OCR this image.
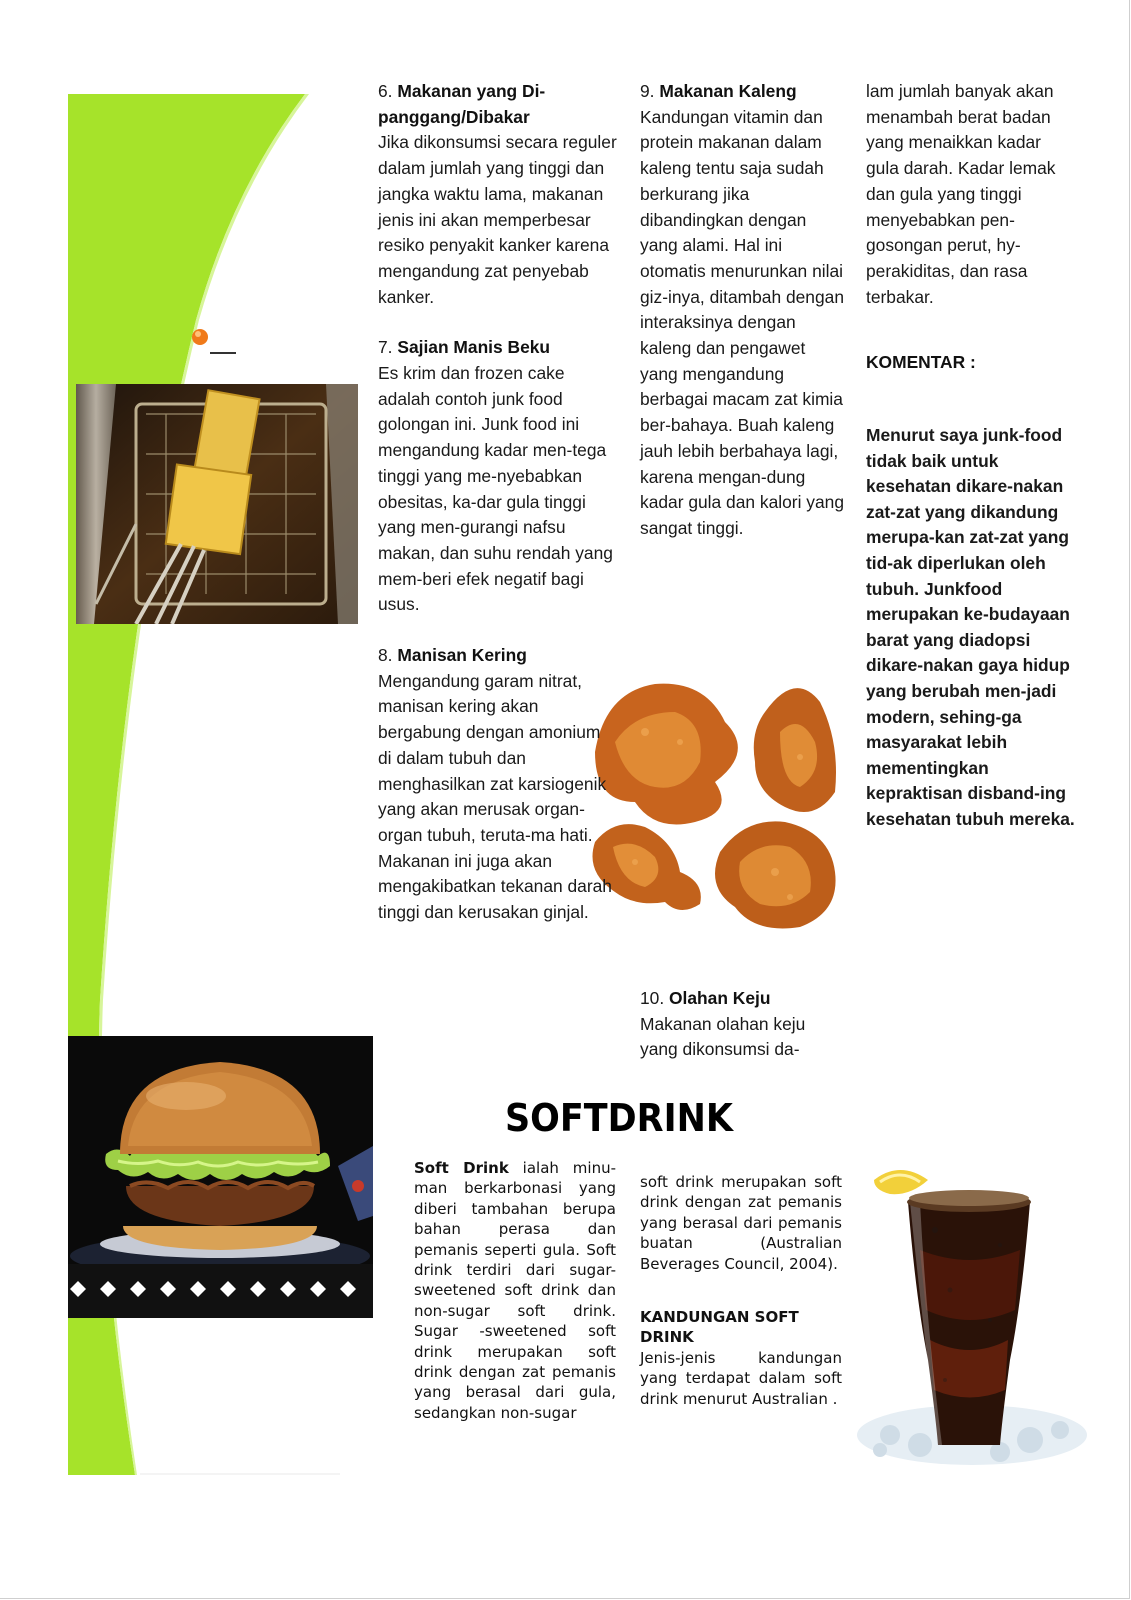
6. Makanan yang Di-panggang/Dibakar

Jika dikonsumsi secara reguler dalam jumlah yang tinggi dan jangka waktu lama, makanan jenis ini akan memperbesar resiko penyakit kanker karena mengandung zat penyebab kanker.

7. Sajian Manis Beku

Es krim dan frozen cake adalah contoh junk food golongan ini. Junk food ini mengandung kadar men-tega tinggi yang me-nyebabkan obesitas, ka-dar gula tinggi yang men-gurangi nafsu makan, dan suhu rendah yang mem-beri efek negatif bagi usus.

8. Manisan Kering

Mengandung garam nitrat, manisan kering akan bergabung dengan amonium di dalam tubuh dan menghasilkan zat karsiogenik yang akan merusak organ-organ tubuh, teruta-ma hati. Makanan ini juga akan mengakibatkan tekanan darah tinggi dan kerusakan ginjal.

9. Makanan Kaleng

Kandungan vitamin dan protein makanan dalam kaleng tentu saja sudah berkurang jika dibandingkan dengan yang alami. Hal ini otomatis menurunkan nilai giz-inya, ditambah dengan interaksinya dengan kaleng dan pengawet yang mengandung berbagai macam zat kimia ber-bahaya. Buah kaleng jauh lebih berbahaya lagi, karena mengan-dung kadar gula dan kalori yang sangat tinggi.

10. Olahan Keju

Makanan olahan keju yang dikonsumsi da-

lam jumlah banyak akan menambah berat badan yang menaikkan kadar gula darah. Kadar lemak dan gula yang tinggi menyebabkan pen-gosongan perut, hy-perakiditas, dan rasa terbakar.

KOMENTAR :

Menurut saya junk-food tidak baik untuk kesehatan dikare-nakan zat-zat yang dikandung merupa-kan zat-zat yang tid-ak diperlukan oleh tubuh. Junkfood merupakan ke-budayaan barat yang diadopsi dikare-nakan gaya hidup yang berubah men-jadi modern, sehing-ga masyarakat lebih mementingkan kepraktisan disband-ing kesehatan tubuh mereka.
SOFTDRINK

Soft Drink ialah minu-man berkarbonasi yang diberi tambahan berupa bahan perasa dan pemanis seperti gula. Soft drink terdiri dari sugar-sweetened soft drink dan non-sugar soft drink. Sugar -sweetened soft drink merupakan soft drink dengan zat pemanis yang berasal dari gula, sedangkan non-sugar

soft drink merupakan soft drink dengan zat pemanis yang berasal dari pemanis buatan (Australian Beverages Council, 2004).

KANDUNGAN SOFT DRINK

Jenis-jenis kandungan yang terdapat dalam soft drink menurut Australian .
